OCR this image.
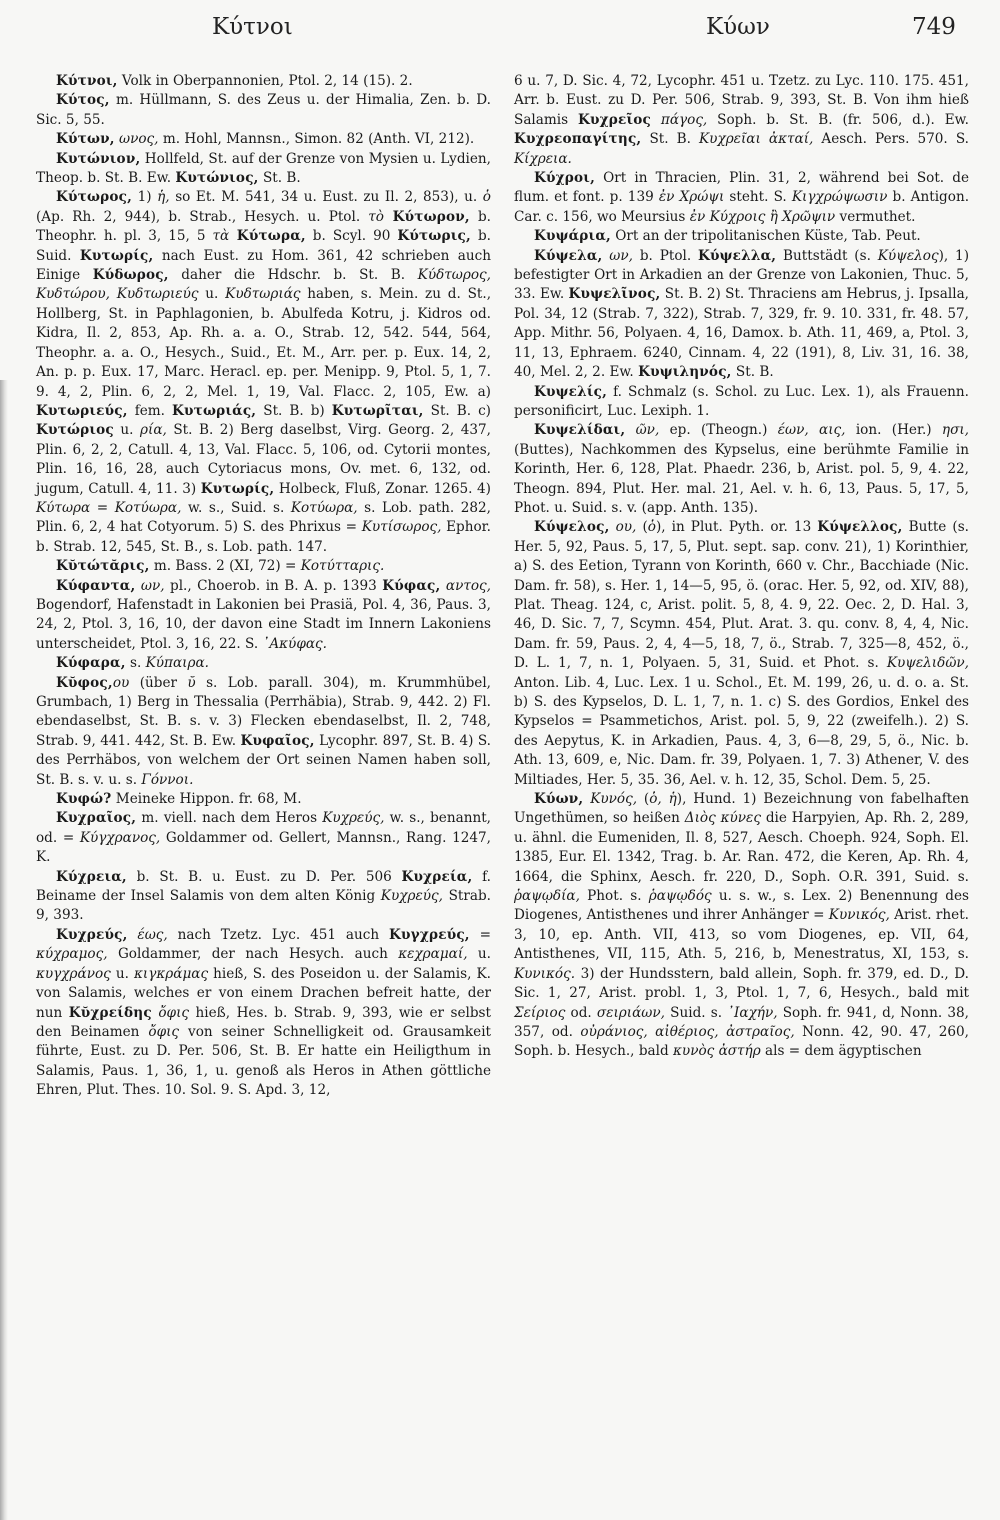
Κύτνοι	Κύων	749

Κύτνοι, Volk in Oberpannonien, Ptol. 2, 14 (15). 2.

Κύτος, m. Hüllmann, S. des Zeus u. der Himalia, Zen. b. D. Sic. 5, 55.

Κύτων, ωνος, m. Hohl, Mannsn., Simon. 82 (Anth. VI, 212).

Κυτώνιον, Hollfeld, St. auf der Grenze von Mysien u. Lydien, Theop. b. St. B. Ew. Κυτώνιος, St. B.

Κύτωρος, 1) ἡ, so Et. M. 541, 34 u. Eust. zu Il. 2, 853), u. ὁ (Ap. Rh. 2, 944), b. Strab., Hesych. u. Ptol. τὸ Κύτωρον, b. Theophr. h. pl. 3, 15, 5 τὰ Κύτωρα, b. Scyl. 90 Κύτωρις, b. Suid. Κυτωρίς, nach Eust. zu Hom. 361, 42 schrieben auch Einige Κύδωρος, daher die Hdschr. b. St. B. Κύδτωρος, Κυδτώρου, Κυδτωριεύς u. Κυδτωριάς haben, s. Mein. zu d. St., Hollberg, St. in Paphlagonien, b. Abulfeda Kotru, j. Kidros od. Kidra, Il. 2, 853, Ap. Rh. a. a. O., Strab. 12, 542. 544, 564, Theophr. a. a. O., Hesych., Suid., Et. M., Arr. per. p. Eux. 14, 2, An. p. p. Eux. 17, Marc. Heracl. ep. per. Menipp. 9, Ptol. 5, 1, 7. 9. 4, 2, Plin. 6, 2, 2, Mel. 1, 19, Val. Flacc. 2, 105, Ew. a) Κυτωριεύς, fem. Κυτωριάς, St. B. b) Κυτωρῖται, St. B. c) Κυτώριος u. ρία, St. B. 2) Berg daselbst, Virg. Georg. 2, 437, Plin. 6, 2, 2, Catull. 4, 13, Val. Flacc. 5, 106, od. Cytorii montes, Plin. 16, 16, 28, auch Cytoriacus mons, Ov. met. 6, 132, od. jugum, Catull. 4, 11. 3) Κυτωρίς, Holbeck, Fluß, Zonar. 1265. 4) Κύτωρα = Κοτύωρα, w. s., Suid. s. Κοτύωρα, s. Lob. path. 282, Plin. 6, 2, 4 hat Cotyorum. 5) S. des Phrixus = Κυτίσωρος, Ephor. b. Strab. 12, 545, St. B., s. Lob. path. 147.

Κῠτώτᾰρις, m. Bass. 2 (XI, 72) = Κοτύτταρις.

Κύφαντα, ων, pl., Choerob. in B. A. p. 1393 Κύφας, αντος, Bogendorf, Hafenstadt in Lakonien bei Prasiä, Pol. 4, 36, Paus. 3, 24, 2, Ptol. 3, 16, 10, der davon eine Stadt im Innern Lakoniens unterscheidet, Ptol. 3, 16, 22. S. ᾿Ακύφας.

Κύφαρα, s. Κύπαιρα.

Κῠφος,ου (über ῠ s. Lob. parall. 304), m. Krummhübel, Grumbach, 1) Berg in Thessalia (Perrhäbia), Strab. 9, 442. 2) Fl. ebendaselbst, St. B. s. v. 3) Flecken ebendaselbst, Il. 2, 748, Strab. 9, 441. 442, St. B. Ew. Κυφαῖος, Lycophr. 897, St. B. 4) S. des Perrhäbos, von welchem der Ort seinen Namen haben soll, St. B. s. v. u. s. Γόννοι.

Κυφώ? Meineke Hippon. fr. 68, M.

Κυχραῖος, m. viell. nach dem Heros Κυχρεύς, w. s., benannt, od. = Κύγχρανος, Goldammer od. Gellert, Mannsn., Rang. 1247, K.

Κύχρεια, b. St. B. u. Eust. zu D. Per. 506 Κυχρεία, f. Beiname der Insel Salamis von dem alten König Κυχρεύς, Strab. 9, 393.

Κυχρεύς, έως, nach Tzetz. Lyc. 451 auch Κυγχρεύς, = κύχραμος, Goldammer, der nach Hesych. auch κεχραμαί, u. κυγχράνος u. κιγκράμας hieß, S. des Poseidon u. der Salamis, K. von Salamis, welches er von einem Drachen befreit hatte, der nun Κῠχρείδης ὄφις hieß, Hes. b. Strab. 9, 393, wie er selbst den Beinamen ὄφις von seiner Schnelligkeit od. Grausamkeit führte, Eust. zu D. Per. 506, St. B. Er hatte ein Heiligthum in Salamis, Paus. 1, 36, 1, u. genoß als Heros in Athen göttliche Ehren, Plut. Thes. 10. Sol. 9. S. Apd. 3, 12,

6 u. 7, D. Sic. 4, 72, Lycophr. 451 u. Tzetz. zu Lyc. 110. 175. 451, Arr. b. Eust. zu D. Per. 506, Strab. 9, 393, St. B. Von ihm hieß Salamis Κυχρεῖος πάγος, Soph. b. St. B. (fr. 506, d.). Ew. Κυχρεοπαγίτης, St. B. Κυχρεῖαι ἀκταί, Aesch. Pers. 570. S. Κίχρεια.

Κύχροι, Ort in Thracien, Plin. 31, 2, während bei Sot. de flum. et font. p. 139 ἐν Χρώψι steht. S. Κιγχρώψωσιν b. Antigon. Car. c. 156, wo Meursius ἐν Κύχροις ἢ Χρῶψιν vermuthet.

Κυψάρια, Ort an der tripolitanischen Küste, Tab. Peut.

Κύψελα, ων, b. Ptol. Κύψελλα, Buttstädt (s. Κύψελος), 1) befestigter Ort in Arkadien an der Grenze von Lakonien, Thuc. 5, 33. Ew. Κυψελῖνος, St. B. 2) St. Thraciens am Hebrus, j. Ipsalla, Pol. 34, 12 (Strab. 7, 322), Strab. 7, 329, fr. 9. 10. 331, fr. 48. 57, App. Mithr. 56, Polyaen. 4, 16, Damox. b. Ath. 11, 469, a, Ptol. 3, 11, 13, Ephraem. 6240, Cinnam. 4, 22 (191), 8, Liv. 31, 16. 38, 40, Mel. 2, 2. Ew. Κυψιληνός, St. B.

Κυψελίς, f. Schmalz (s. Schol. zu Luc. Lex. 1), als Frauenn. personificirt, Luc. Lexiph. 1.

Κυψελίδαι, ῶν, ep. (Theogn.) έων, αις, ion. (Her.) ησι, (Buttes), Nachkommen des Kypselus, eine berühmte Familie in Korinth, Her. 6, 128, Plat. Phaedr. 236, b, Arist. pol. 5, 9, 4. 22, Theogn. 894, Plut. Her. mal. 21, Ael. v. h. 6, 13, Paus. 5, 17, 5, Phot. u. Suid. s. v. (app. Anth. 135).

Κύψελος, ου, (ὁ), in Plut. Pyth. or. 13 Κύψελλος, Butte (s. Her. 5, 92, Paus. 5, 17, 5, Plut. sept. sap. conv. 21), 1) Korinthier, a) S. des Eetion, Tyrann von Korinth, 660 v. Chr., Bacchiade (Nic. Dam. fr. 58), s. Her. 1, 14—5, 95, ö. (orac. Her. 5, 92, od. XIV, 88), Plat. Theag. 124, c, Arist. polit. 5, 8, 4. 9, 22. Oec. 2, D. Hal. 3, 46, D. Sic. 7, 7, Scymn. 454, Plut. Arat. 3. qu. conv. 8, 4, 4, Nic. Dam. fr. 59, Paus. 2, 4, 4—5, 18, 7, ö., Strab. 7, 325—8, 452, ö., D. L. 1, 7, n. 1, Polyaen. 5, 31, Suid. et Phot. s. Κυψελιδῶν, Anton. Lib. 4, Luc. Lex. 1 u. Schol., Et. M. 199, 26, u. d. o. a. St. b) S. des Kypselos, D. L. 1, 7, n. 1. c) S. des Gordios, Enkel des Kypselos = Psammetichos, Arist. pol. 5, 9, 22 (zweifelh.). 2) S. des Aepytus, K. in Arkadien, Paus. 4, 3, 6—8, 29, 5, ö., Nic. b. Ath. 13, 609, e, Nic. Dam. fr. 39, Polyaen. 1, 7. 3) Athener, V. des Miltiades, Her. 5, 35. 36, Ael. v. h. 12, 35, Schol. Dem. 5, 25.

Κύων, Κυνός, (ὁ, ἡ), Hund. 1) Bezeichnung von fabelhaften Ungethümen, so heißen Διὸς κύνες die Harpyien, Ap. Rh. 2, 289, u. ähnl. die Eumeniden, Il. 8, 527, Aesch. Choeph. 924, Soph. El. 1385, Eur. El. 1342, Trag. b. Ar. Ran. 472, die Keren, Ap. Rh. 4, 1664, die Sphinx, Aesch. fr. 220, D., Soph. O.R. 391, Suid. s. ῥαψῳδία, Phot. s. ῥαψῳδός u. s. w., s. Lex. 2) Benennung des Diogenes, Antisthenes und ihrer Anhänger = Κυνικός, Arist. rhet. 3, 10, ep. Anth. VII, 413, so vom Diogenes, ep. VII, 64, Antisthenes, VII, 115, Ath. 5, 216, b, Menestratus, XI, 153, s. Κυνικός. 3) der Hundsstern, bald allein, Soph. fr. 379, ed. D., D. Sic. 1, 27, Arist. probl. 1, 3, Ptol. 1, 7, 6, Hesych., bald mit Σείριος od. σειριάων, Suid. s. ᾿Ιαχήν, Soph. fr. 941, d, Nonn. 38, 357, od. οὐράνιος, αἰθέριος, ἀστραῖος, Nonn. 42, 90. 47, 260, Soph. b. Hesych., bald κυνὸς ἀστήρ als = dem ägyptischen
